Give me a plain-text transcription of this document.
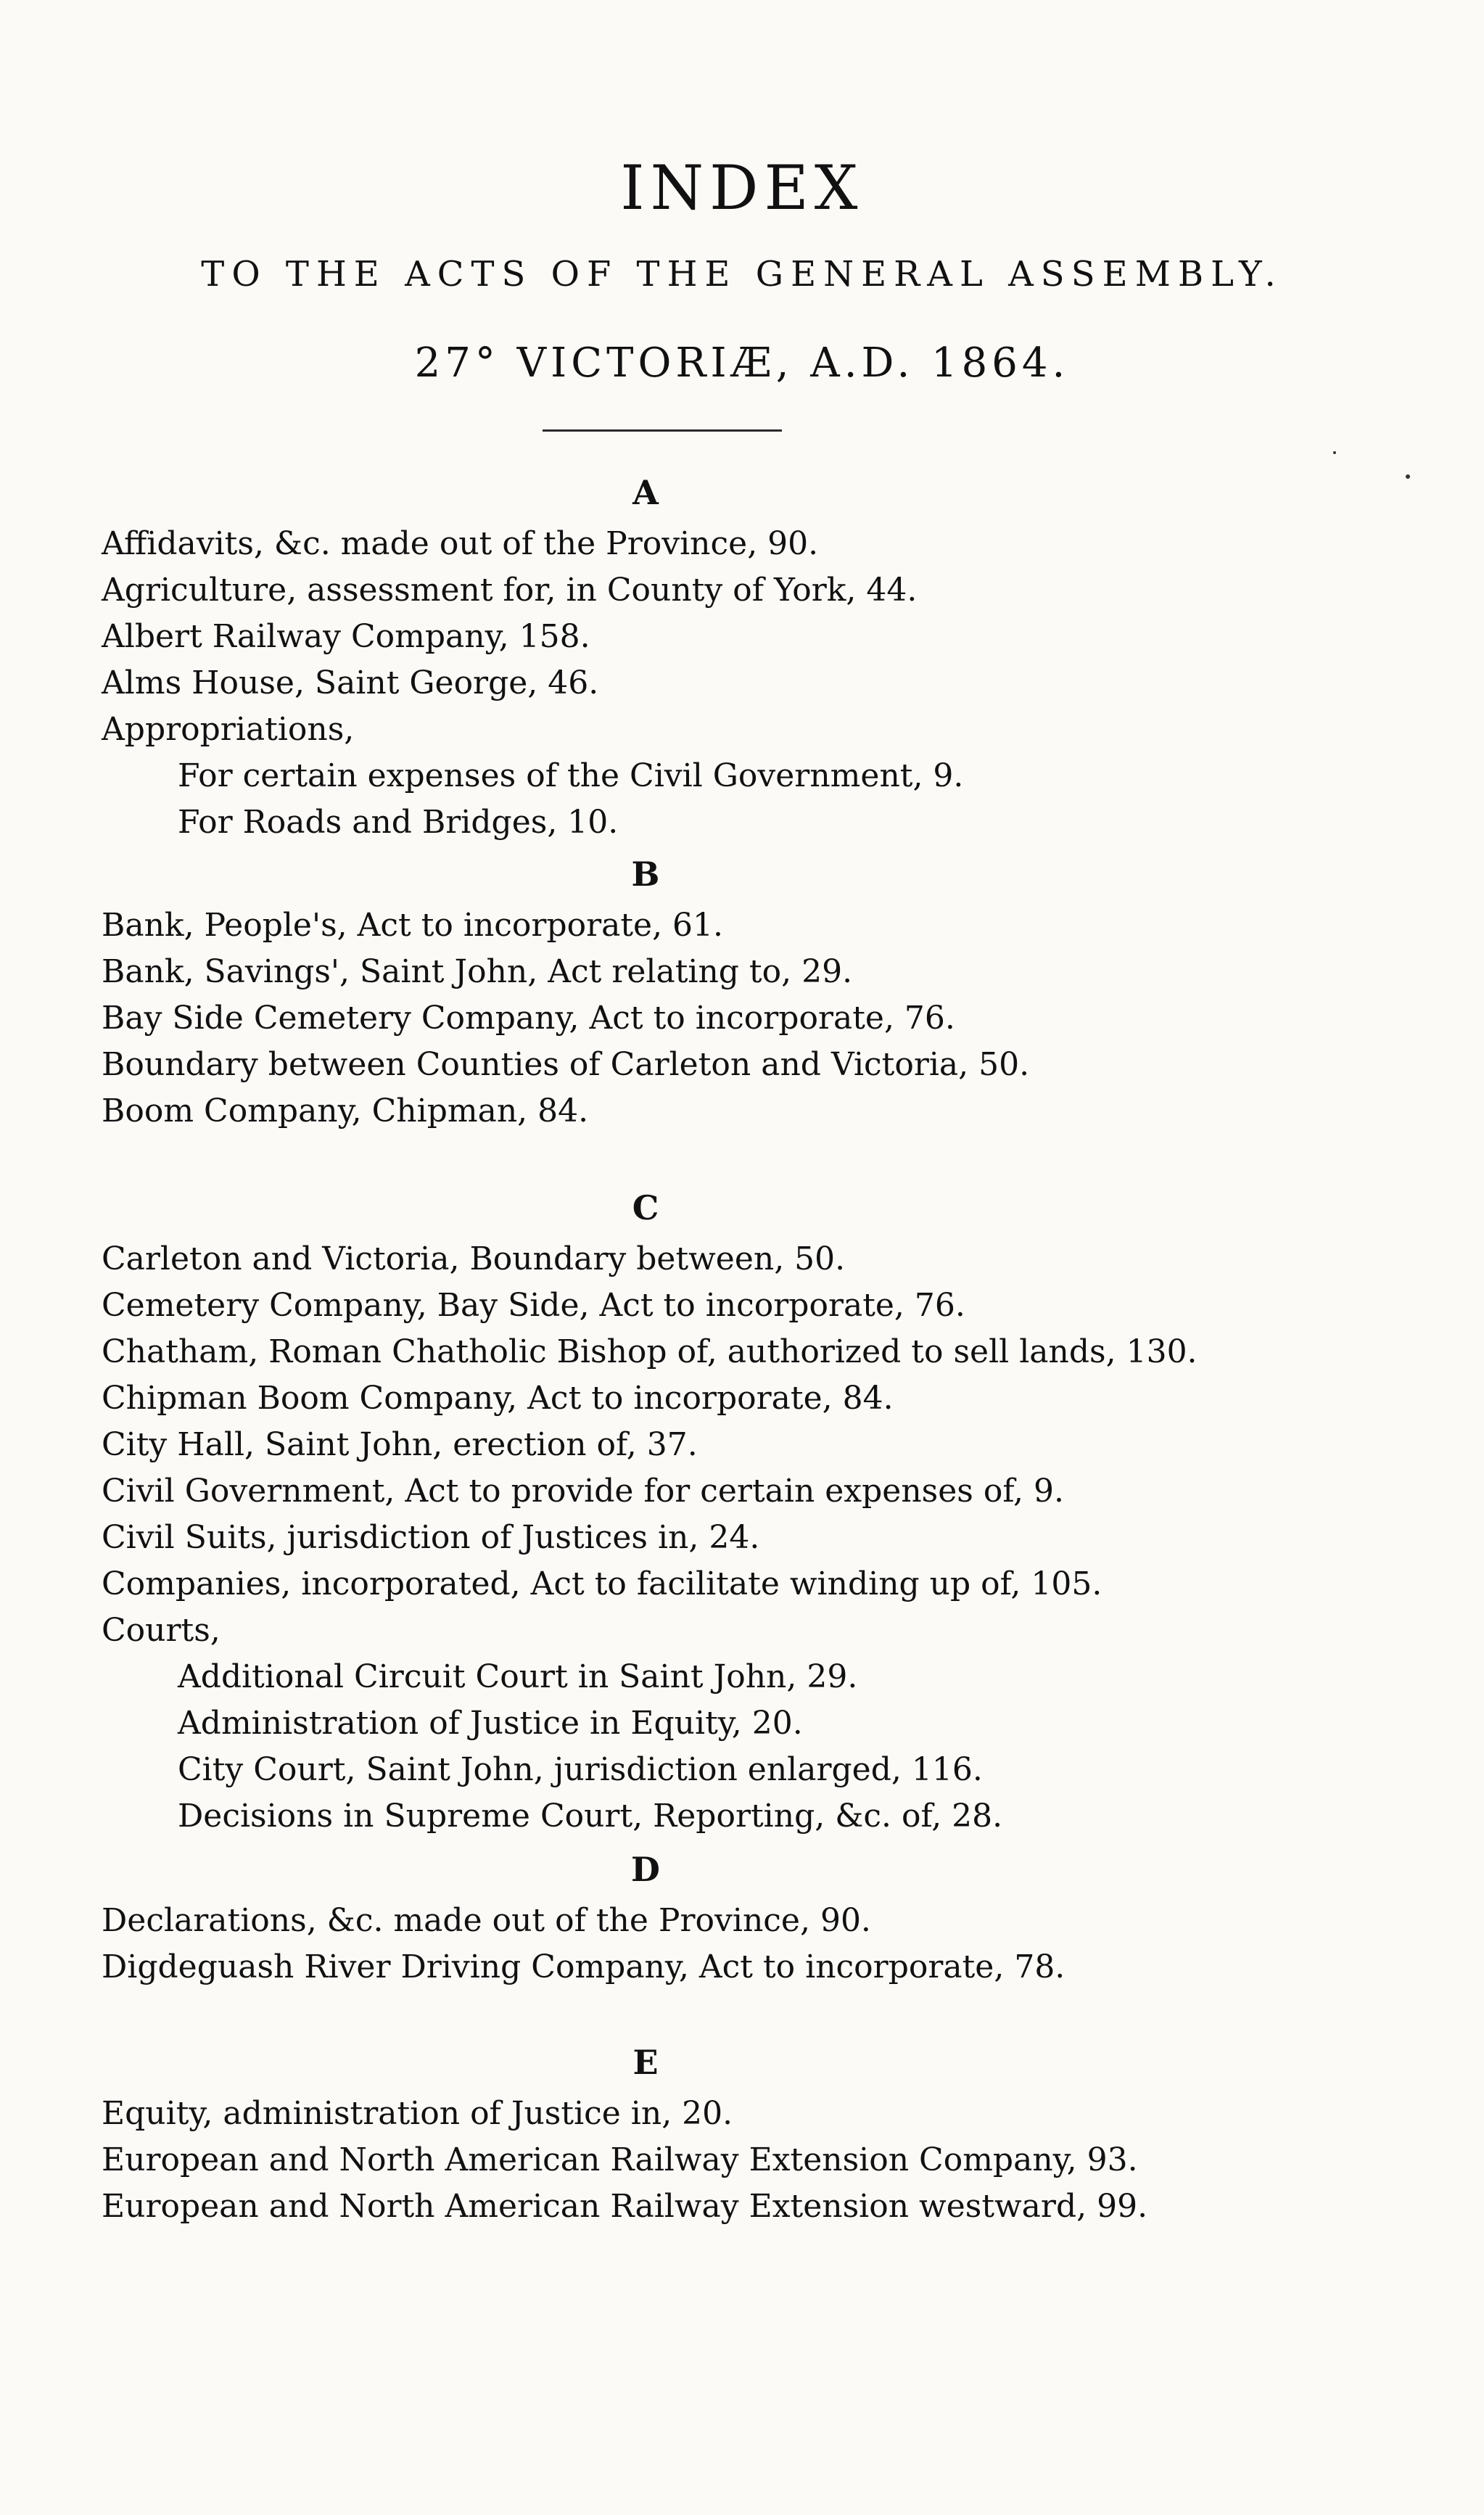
INDEX
TO THE ACTS OF THE GENERAL ASSEMBLY.
27° VICTORIÆ, A.D. 1864.
A
Affidavits, &c. made out of the Province, 90.
Agriculture, assessment for, in County of York, 44.
Albert Railway Company, 158.
Alms House, Saint George, 46.
Appropriations,
For certain expenses of the Civil Government, 9.
For Roads and Bridges, 10.
B
Bank, People's, Act to incorporate, 61.
Bank, Savings', Saint John, Act relating to, 29.
Bay Side Cemetery Company, Act to incorporate, 76.
Boundary between Counties of Carleton and Victoria, 50.
Boom Company, Chipman, 84.
C
Carleton and Victoria, Boundary between, 50.
Cemetery Company, Bay Side, Act to incorporate, 76.
Chatham, Roman Chatholic Bishop of, authorized to sell lands, 130.
Chipman Boom Company, Act to incorporate, 84.
City Hall, Saint John, erection of, 37.
Civil Government, Act to provide for certain expenses of, 9.
Civil Suits, jurisdiction of Justices in, 24.
Companies, incorporated, Act to facilitate winding up of, 105.
Courts,
Additional Circuit Court in Saint John, 29.
Administration of Justice in Equity, 20.
City Court, Saint John, jurisdiction enlarged, 116.
Decisions in Supreme Court, Reporting, &c. of, 28.
D
Declarations, &c. made out of the Province, 90.
Digdeguash River Driving Company, Act to incorporate, 78.
E
Equity, administration of Justice in, 20.
European and North American Railway Extension Company, 93.
European and North American Railway Extension westward, 99.
